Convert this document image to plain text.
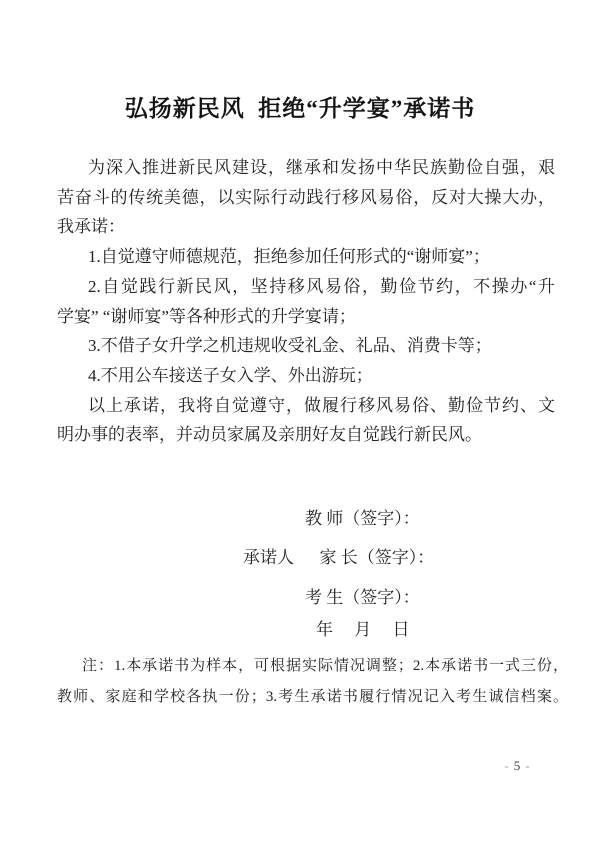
弘扬新民风  拒绝“升学宴”承诺书
为深入推进新民风建设，继承和发扬中华民族勤俭自强，艰
苦奋斗的传统美德，以实际行动践行移风易俗，反对大操大办，
我承诺：
1.自觉遵守师德规范，拒绝参加任何形式的“谢师宴”；
2.自觉践行新民风，坚持移风易俗，勤俭节约，不操办“升
学宴” “谢师宴”等各种形式的升学宴请；
3.不借子女升学之机违规收受礼金、礼品、消费卡等；
4.不用公车接送子女入学、外出游玩；
以上承诺，我将自觉遵守，做履行移风易俗、勤俭节约、文
明办事的表率，并动员家属及亲朋好友自觉践行新民风。
教 师（签字）：
承诺人      家 长（签字）：
考 生（签字）：
年     月     日
注：1.本承诺书为样本，可根据实际情况调整；2.本承诺书一式三份，
教师、家庭和学校各执一份；3.考生承诺书履行情况记入考生诚信档案。
- 5 -
